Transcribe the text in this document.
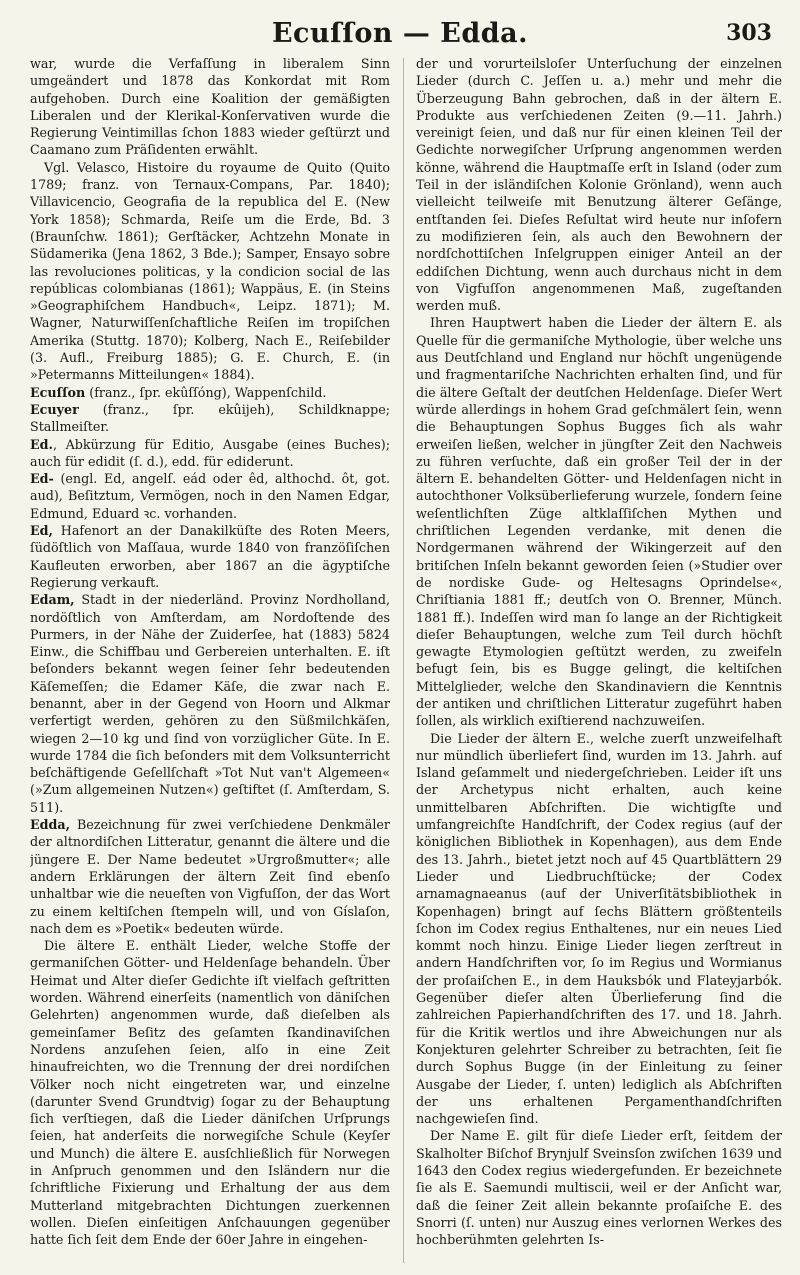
Ecuſſon — Edda.	303

war, wurde die Verfaſſung in liberalem Sinn umgeändert und 1878 das Konkordat mit Rom aufgehoben. Durch eine Koalition der gemäßigten Liberalen und der Klerikal-Konſervativen wurde die Regierung Veintimillas ſchon 1883 wieder geſtürzt und Caamano zum Präſidenten erwählt.

Vgl. Velasco, Histoire du royaume de Quito (Quito 1789; franz. von Ternaux-Compans, Par. 1840); Villavicencio, Geografia de la republica del E. (New York 1858); Schmarda, Reiſe um die Erde, Bd. 3 (Braunſchw. 1861); Gerſtäcker, Achtzehn Monate in Südamerika (Jena 1862, 3 Bde.); Samper, Ensayo sobre las revoluciones politicas, y la condicion social de las repúblicas colombianas (1861); Wappäus, E. (in Steins »Geographiſchem Handbuch«, Leipz. 1871); M. Wagner, Naturwiſſenſchaftliche Reiſen im tropiſchen Amerika (Stuttg. 1870); Kolberg, Nach E., Reiſebilder (3. Aufl., Freiburg 1885); G. E. Church, E. (in »Petermanns Mitteilungen« 1884).

Ecuſſon (franz., ſpr. ekûſſóng), Wappenſchild.

Ecuyer (franz., ſpr. ekûijeh), Schildknappe; Stallmeiſter.

Ed., Abkürzung für Editio, Ausgabe (eines Buches); auch für edidit (ſ. d.), edd. für ediderunt.

Ed- (engl. Ed, angelſ. eád oder êd, althochd. ôt, got. aud), Beſitztum, Vermögen, noch in den Namen Edgar, Edmund, Eduard ꝛc. vorhanden.

Ed, Hafenort an der Danakilküſte des Roten Meers, ſüdöſtlich von Maſſaua, wurde 1840 von franzöſiſchen Kaufleuten erworben, aber 1867 an die ägyptiſche Regierung verkauft.

Edam, Stadt in der niederländ. Provinz Nordholland, nordöſtlich von Amſterdam, am Nordoſtende des Purmers, in der Nähe der Zuiderſee, hat (1883) 5824 Einw., die Schiffbau und Gerbereien unterhalten. E. iſt beſonders bekannt wegen ſeiner ſehr bedeutenden Käſemeſſen; die Edamer Käſe, die zwar nach E. benannt, aber in der Gegend von Hoorn und Alkmar verfertigt werden, gehören zu den Süßmilchkäſen, wiegen 2—10 kg und ſind von vorzüglicher Güte. In E. wurde 1784 die ſich beſonders mit dem Volksunterricht beſchäftigende Geſellſchaft »Tot Nut van't Algemeen« (»Zum allgemeinen Nutzen«) geſtiftet (ſ. Amſterdam, S. 511).

Edda, Bezeichnung für zwei verſchiedene Denkmäler der altnordiſchen Litteratur, genannt die ältere und die jüngere E. Der Name bedeutet »Urgroßmutter«; alle andern Erklärungen der ältern Zeit ſind ebenſo unhaltbar wie die neueſten von Vigfuſſon, der das Wort zu einem keltiſchen ſtempeln will, und von Gíslaſon, nach dem es »Poetik« bedeuten würde.

Die ältere E. enthält Lieder, welche Stoffe der germaniſchen Götter- und Heldenſage behandeln. Über Heimat und Alter dieſer Gedichte iſt vielfach geſtritten worden. Während einerſeits (namentlich von däniſchen Gelehrten) angenommen wurde, daß dieſelben als gemeinſamer Beſitz des geſamten ſkandinaviſchen Nordens anzuſehen ſeien, alſo in eine Zeit hinaufreichten, wo die Trennung der drei nordiſchen Völker noch nicht eingetreten war, und einzelne (darunter Svend Grundtvig) ſogar zu der Behauptung ſich verſtiegen, daß die Lieder däniſchen Urſprungs ſeien, hat anderſeits die norwegiſche Schule (Keyſer und Munch) die ältere E. ausſchließlich für Norwegen in Anſpruch genommen und den Isländern nur die ſchriftliche Fixierung und Erhaltung der aus dem Mutterland mitgebrachten Dichtungen zuerkennen wollen. Dieſen einſeitigen Anſchauungen gegenüber hatte ſich ſeit dem Ende der 60er Jahre in eingehen-

der und vorurteilsloſer Unterſuchung der einzelnen Lieder (durch C. Jeſſen u. a.) mehr und mehr die Überzeugung Bahn gebrochen, daß in der ältern E. Produkte aus verſchiedenen Zeiten (9.—11. Jahrh.) vereinigt ſeien, und daß nur für einen kleinen Teil der Gedichte norwegiſcher Urſprung angenommen werden könne, während die Hauptmaſſe erſt in Island (oder zum Teil in der isländiſchen Kolonie Grönland), wenn auch vielleicht teilweiſe mit Benutzung älterer Geſänge, entſtanden ſei. Dieſes Reſultat wird heute nur inſofern zu modifizieren ſein, als auch den Bewohnern der nordſchottiſchen Inſelgruppen einiger Anteil an der eddiſchen Dichtung, wenn auch durchaus nicht in dem von Vigfuſſon angenommenen Maß, zugeſtanden werden muß.

Ihren Hauptwert haben die Lieder der ältern E. als Quelle für die germaniſche Mythologie, über welche uns aus Deutſchland und England nur höchſt ungenügende und fragmentariſche Nachrichten erhalten ſind, und für die ältere Geſtalt der deutſchen Heldenſage. Dieſer Wert würde allerdings in hohem Grad geſchmälert ſein, wenn die Behauptungen Sophus Bugges ſich als wahr erweiſen ließen, welcher in jüngſter Zeit den Nachweis zu führen verſuchte, daß ein großer Teil der in der ältern E. behandelten Götter- und Heldenſagen nicht in autochthoner Volksüberlieferung wurzele, ſondern ſeine weſentlichſten Züge altklaſſiſchen Mythen und chriſtlichen Legenden verdanke, mit denen die Nordgermanen während der Wikingerzeit auf den britiſchen Inſeln bekannt geworden ſeien (»Studier over de nordiske Gude- og Heltesagns Oprindelse«, Chriſtiania 1881 ff.; deutſch von O. Brenner, Münch. 1881 ff.). Indeſſen wird man ſo lange an der Richtigkeit dieſer Behauptungen, welche zum Teil durch höchſt gewagte Etymologien geſtützt werden, zu zweifeln befugt ſein, bis es Bugge gelingt, die keltiſchen Mittelglieder, welche den Skandinaviern die Kenntnis der antiken und chriſtlichen Litteratur zugeführt haben ſollen, als wirklich exiſtierend nachzuweiſen.

Die Lieder der ältern E., welche zuerſt unzweifelhaft nur mündlich überliefert ſind, wurden im 13. Jahrh. auf Island geſammelt und niedergeſchrieben. Leider iſt uns der Archetypus nicht erhalten, auch keine unmittelbaren Abſchriften. Die wichtigſte und umfangreichſte Handſchrift, der Codex regius (auf der königlichen Bibliothek in Kopenhagen), aus dem Ende des 13. Jahrh., bietet jetzt noch auf 45 Quartblättern 29 Lieder und Liedbruchſtücke; der Codex arnamagnaeanus (auf der Univerſitätsbibliothek in Kopenhagen) bringt auf ſechs Blättern größtenteils ſchon im Codex regius Enthaltenes, nur ein neues Lied kommt noch hinzu. Einige Lieder liegen zerſtreut in andern Handſchriften vor, ſo im Regius und Wormianus der proſaiſchen E., in dem Hauksbók und Flateyjarbók. Gegenüber dieſer alten Überlieferung ſind die zahlreichen Papierhandſchriften des 17. und 18. Jahrh. für die Kritik wertlos und ihre Abweichungen nur als Konjekturen gelehrter Schreiber zu betrachten, ſeit ſie durch Sophus Bugge (in der Einleitung zu ſeiner Ausgabe der Lieder, ſ. unten) lediglich als Abſchriften der uns erhaltenen Pergamenthandſchriften nachgewieſen ſind.

Der Name E. gilt für dieſe Lieder erſt, ſeitdem der Skalholter Biſchof Brynjulf Sveinsſon zwiſchen 1639 und 1643 den Codex regius wiedergefunden. Er bezeichnete ſie als E. Saemundi multiscii, weil er der Anſicht war, daß die ſeiner Zeit allein bekannte proſaiſche E. des Snorri (ſ. unten) nur Auszug eines verlornen Werkes des hochberühmten gelehrten Is-
